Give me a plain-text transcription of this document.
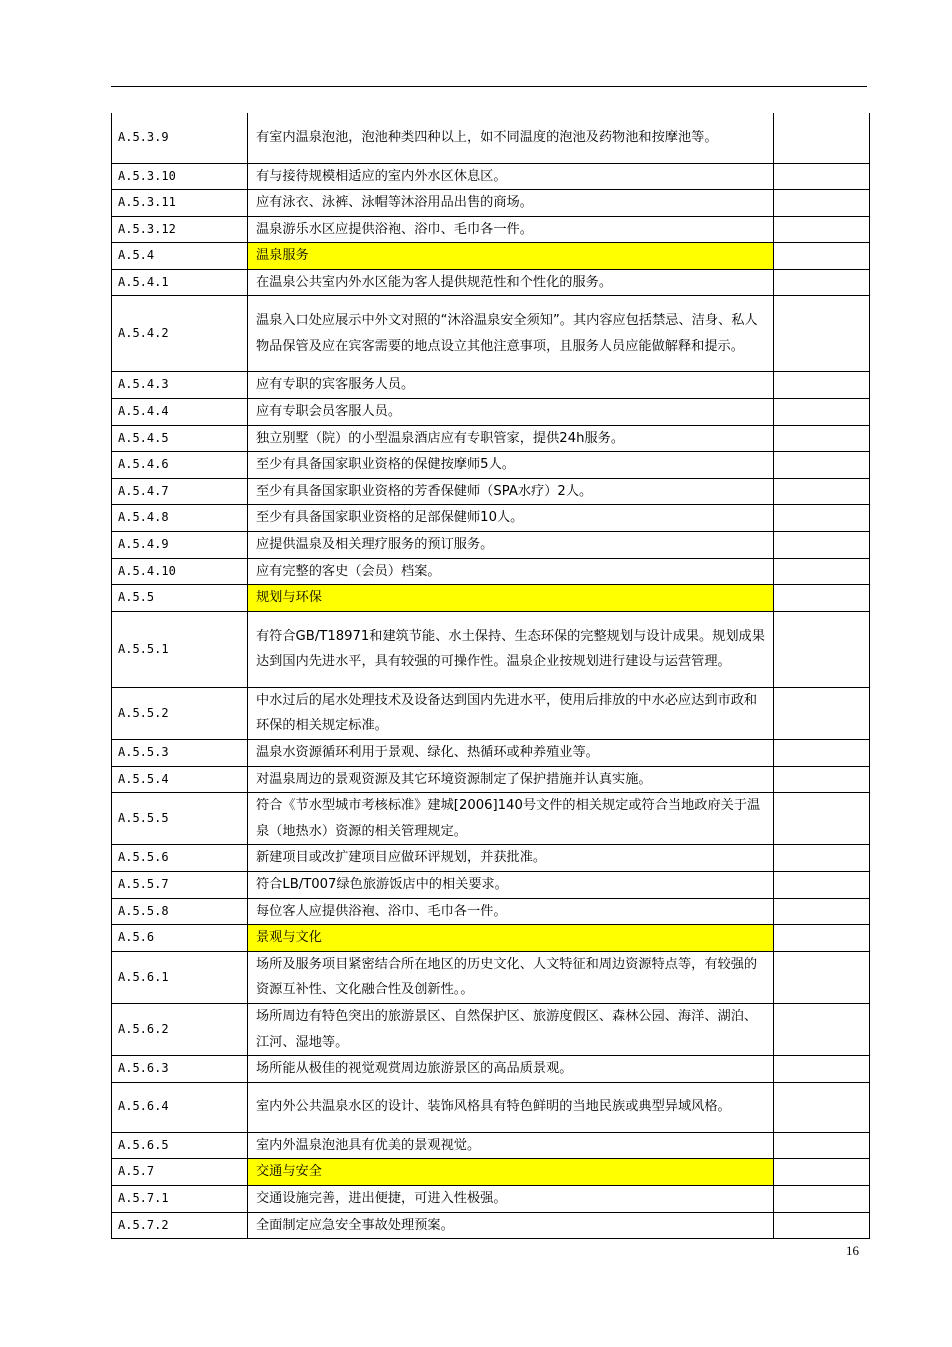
A.5.3.9	有室内温泉泡池，泡池种类四种以上，如不同温度的泡池及药物池和按摩池等。	
A.5.3.10	有与接待规模相适应的室内外水区休息区。	
A.5.3.11	应有泳衣、泳裤、泳帽等沐浴用品出售的商场。	
A.5.3.12	温泉游乐水区应提供浴袍、浴巾、毛巾各一件。	
A.5.4	温泉服务	
A.5.4.1	在温泉公共室内外水区能为客人提供规范性和个性化的服务。	
A.5.4.2	温泉入口处应展示中外文对照的“沐浴温泉安全须知”。其内容应包括禁忌、洁身、私人物品保管及应在宾客需要的地点设立其他注意事项，且服务人员应能做解释和提示。	
A.5.4.3	应有专职的宾客服务人员。	
A.5.4.4	应有专职会员客服人员。	
A.5.4.5	独立别墅（院）的小型温泉酒店应有专职管家，提供24h服务。	
A.5.4.6	至少有具备国家职业资格的保健按摩师5人。	
A.5.4.7	至少有具备国家职业资格的芳香保健师（SPA水疗）2人。	
A.5.4.8	至少有具备国家职业资格的足部保健师10人。	
A.5.4.9	应提供温泉及相关理疗服务的预订服务。	
A.5.4.10	应有完整的客史（会员）档案。	
A.5.5	规划与环保	
A.5.5.1	有符合GB/T18971和建筑节能、水土保持、生态环保的完整规划与设计成果。规划成果达到国内先进水平，具有较强的可操作性。温泉企业按规划进行建设与运营管理。	
A.5.5.2	中水过后的尾水处理技术及设备达到国内先进水平，使用后排放的中水必应达到市政和环保的相关规定标准。	
A.5.5.3	温泉水资源循环利用于景观、绿化、热循环或种养殖业等。	
A.5.5.4	对温泉周边的景观资源及其它环境资源制定了保护措施并认真实施。	
A.5.5.5	符合《节水型城市考核标准》建城[2006]140号文件的相关规定或符合当地政府关于温泉（地热水）资源的相关管理规定。	
A.5.5.6	新建项目或改扩建项目应做环评规划，并获批准。	
A.5.5.7	符合LB/T007绿色旅游饭店中的相关要求。	
A.5.5.8	每位客人应提供浴袍、浴巾、毛巾各一件。	
A.5.6	景观与文化	
A.5.6.1	场所及服务项目紧密结合所在地区的历史文化、人文特征和周边资源特点等，有较强的资源互补性、文化融合性及创新性。。	
A.5.6.2	场所周边有特色突出的旅游景区、自然保护区、旅游度假区、森林公园、海洋、湖泊、江河、湿地等。	
A.5.6.3	场所能从极佳的视觉观赏周边旅游景区的高品质景观。	
A.5.6.4	室内外公共温泉水区的设计、装饰风格具有特色鲜明的当地民族或典型异域风格。	
A.5.6.5	室内外温泉泡池具有优美的景观视觉。	
A.5.7	交通与安全	
A.5.7.1	交通设施完善，进出便捷，可进入性极强。	
A.5.7.2	全面制定应急安全事故处理预案。	
16
